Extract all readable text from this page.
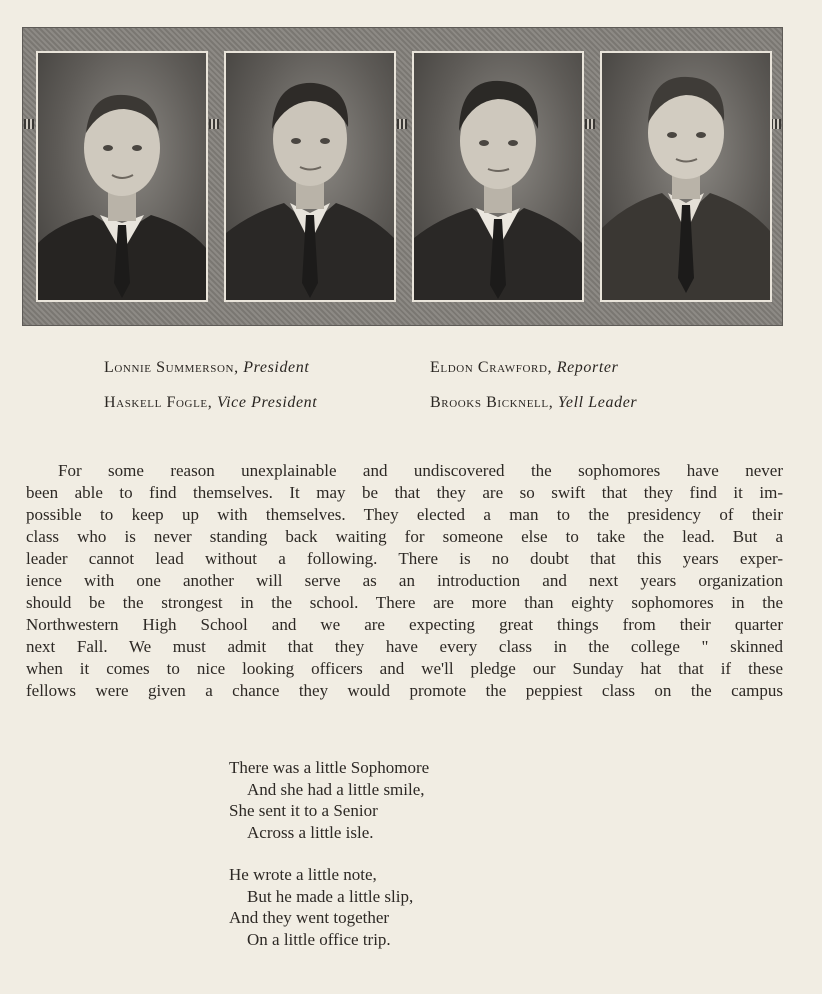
Lonnie Summerson, President
Haskell Fogle, Vice President
Eldon Crawford, Reporter
Brooks Bicknell, Yell Leader
For some reason unexplainable and undiscovered the sophomores have never
been able to find themselves. It may be that they are so swift that they find it im-
possible to keep up with themselves. They elected a man to the presidency of their
class who is never standing back waiting for someone else to take the lead. But a
leader cannot lead without a following. There is no doubt that this years exper-
ience with one another will serve as an introduction and next years organization
should be the strongest in the school. There are more than eighty sophomores in the
Northwestern High School and we are expecting great things from their quarter
next Fall. We must admit that they have every class in the college " skinned
when it comes to nice looking officers and we'll pledge our Sunday hat that if these
fellows were given a chance they would promote the peppiest class on the campus
There was a little Sophomore
And she had a little smile,
She sent it to a Senior
Across a little isle.
He wrote a little note,
But he made a little slip,
And they went together
On a little office trip.
